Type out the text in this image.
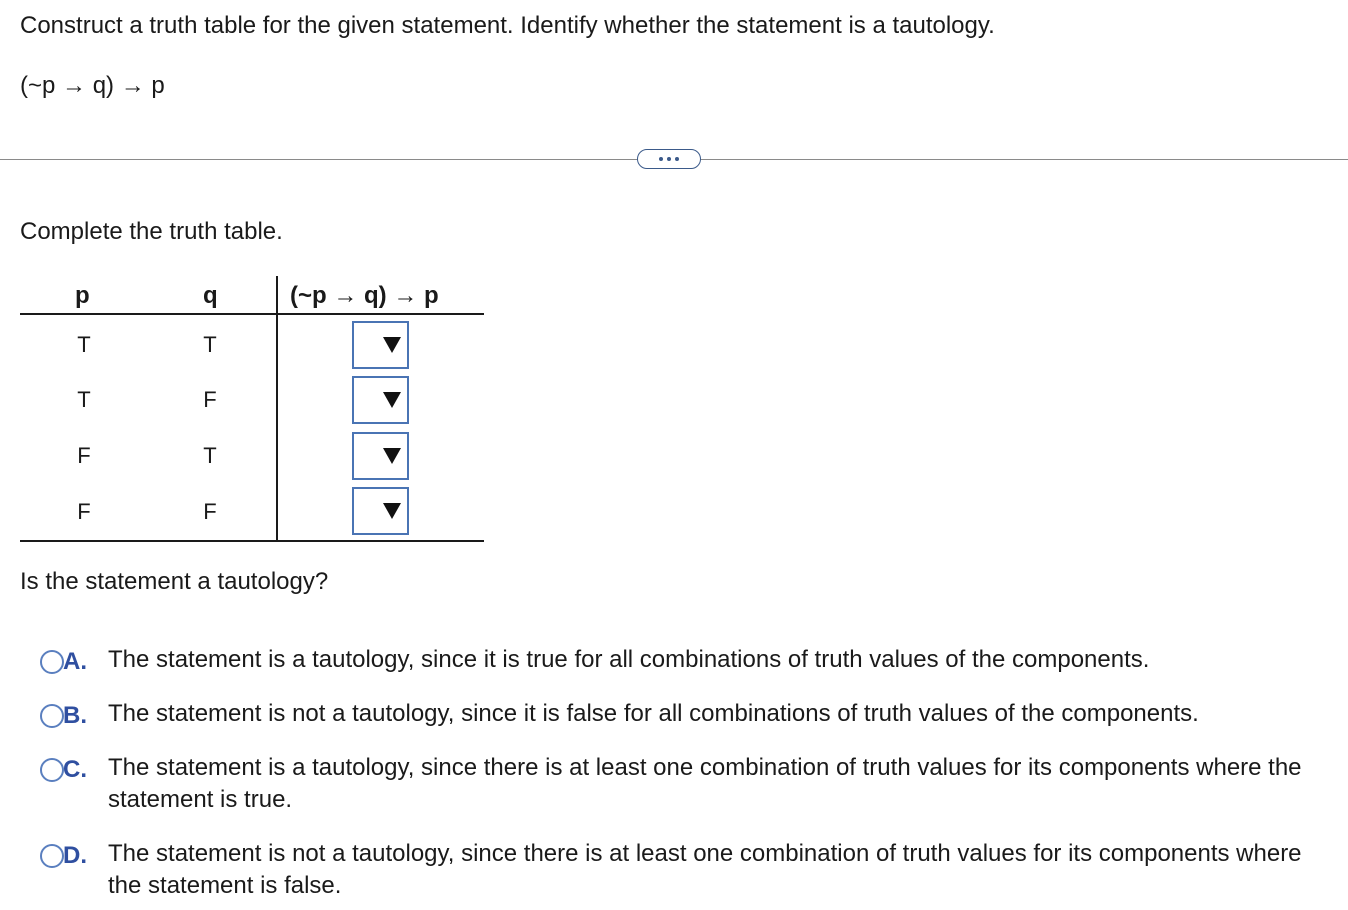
Construct a truth table for the given statement. Identify whether the statement is a tautology.
(~p → q) → p
Complete the truth table.
p	q	(~p → q) → p
T	T
T	F
F	T
F	F
Is the statement a tautology?
A. The statement is a tautology, since it is true for all combinations of truth values of the components.
B. The statement is not a tautology, since it is false for all combinations of truth values of the components.
C. The statement is a tautology, since there is at least one combination of truth values for its components where the statement is true.
D. The statement is not a tautology, since there is at least one combination of truth values for its components where the statement is false.
